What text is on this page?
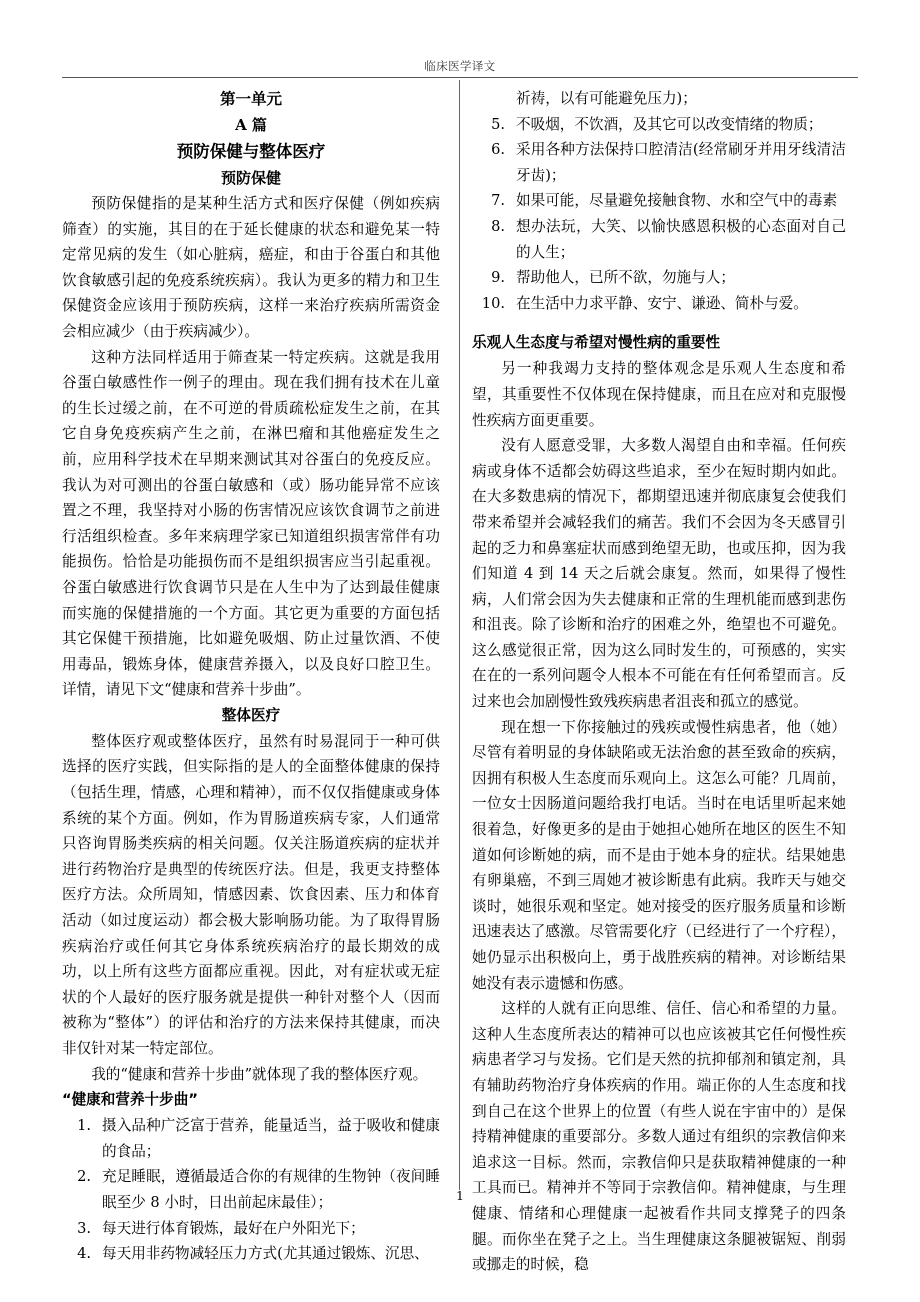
临床医学译文
第一单元
A 篇
预防保健与整体医疗
预防保健

预防保健指的是某种生活方式和医疗保健（例如疾病筛查）的实施，其目的在于延长健康的状态和避免某一特定常见病的发生（如心脏病，癌症，和由于谷蛋白和其他饮食敏感引起的免疫系统疾病）。我认为更多的精力和卫生保健资金应该用于预防疾病，这样一来治疗疾病所需资金会相应减少（由于疾病减少）。

这种方法同样适用于筛查某一特定疾病。这就是我用谷蛋白敏感性作一例子的理由。现在我们拥有技术在儿童的生长过缓之前，在不可逆的骨质疏松症发生之前，在其它自身免疫疾病产生之前，在淋巴瘤和其他癌症发生之前，应用科学技术在早期来测试其对谷蛋白的免疫反应。我认为对可测出的谷蛋白敏感和（或）肠功能异常不应该置之不理，我坚持对小肠的伤害情况应该饮食调节之前进行活组织检查。多年来病理学家已知道组织损害常伴有功能损伤。恰恰是功能损伤而不是组织损害应当引起重视。谷蛋白敏感进行饮食调节只是在人生中为了达到最佳健康而实施的保健措施的一个方面。其它更为重要的方面包括其它保健干预措施，比如避免吸烟、防止过量饮酒、不使用毒品，锻炼身体，健康营养摄入，以及良好口腔卫生。详情，请见下文“健康和营养十步曲”。

整体医疗

整体医疗观或整体医疗，虽然有时易混同于一种可供选择的医疗实践，但实际指的是人的全面整体健康的保持（包括生理，情感，心理和精神），而不仅仅指健康或身体系统的某个方面。例如，作为胃肠道疾病专家，人们通常只咨询胃肠类疾病的相关问题。仅关注肠道疾病的症状并进行药物治疗是典型的传统医疗法。但是，我更支持整体医疗方法。众所周知，情感因素、饮食因素、压力和体育活动（如过度运动）都会极大影响肠功能。为了取得胃肠疾病治疗或任何其它身体系统疾病治疗的最长期效的成功，以上所有这些方面都应重视。因此，对有症状或无症状的个人最好的医疗服务就是提供一种针对整个人（因而被称为“整体”）的评估和治疗的方法来保持其健康，而决非仅针对某一特定部位。

我的“健康和营养十步曲”就体现了我的整体医疗观。

“健康和营养十步曲”
1. 摄入品种广泛富于营养，能量适当，益于吸收和健康的食品；
2. 充足睡眠，遵循最适合你的有规律的生物钟（夜间睡眠至少 8 小时，日出前起床最佳）；
3. 每天进行体育锻炼，最好在户外阳光下；
4. 每天用非药物减轻压力方式(尤其通过锻炼、沉思、
祈祷，以有可能避免压力)；
5. 不吸烟，不饮酒，及其它可以改变情绪的物质；
6. 采用各种方法保持口腔清洁(经常刷牙并用牙线清洁牙齿)；
7. 如果可能，尽量避免接触食物、水和空气中的毒素
8. 想办法玩，大笑、以愉快感恩积极的心态面对自己的人生；
9. 帮助他人，已所不欲，勿施与人；
10. 在生活中力求平静、安宁、谦逊、简朴与爱。
乐观人生态度与希望对慢性病的重要性

另一种我竭力支持的整体观念是乐观人生态度和希望，其重要性不仅体现在保持健康，而且在应对和克服慢性疾病方面更重要。

没有人愿意受罪，大多数人渴望自由和幸福。任何疾病或身体不适都会妨碍这些追求，至少在短时期内如此。在大多数患病的情况下，都期望迅速并彻底康复会使我们带来希望并会减轻我们的痛苦。我们不会因为冬天感冒引起的乏力和鼻塞症状而感到绝望无助，也或压抑，因为我们知道 4 到 14 天之后就会康复。然而，如果得了慢性病，人们常会因为失去健康和正常的生理机能而感到悲伤和沮丧。除了诊断和治疗的困难之外，绝望也不可避免。这么感觉很正常，因为这么同时发生的，可预感的，实实在在的一系列问题令人根本不可能在有任何希望而言。反过来也会加剧慢性致残疾病患者沮丧和孤立的感觉。

现在想一下你接触过的残疾或慢性病患者，他（她）尽管有着明显的身体缺陷或无法治愈的甚至致命的疾病，因拥有积极人生态度而乐观向上。这怎么可能？几周前，一位女士因肠道问题给我打电话。当时在电话里听起来她很着急，好像更多的是由于她担心她所在地区的医生不知道如何诊断她的病，而不是由于她本身的症状。结果她患有卵巢癌，不到三周她才被诊断患有此病。我昨天与她交谈时，她很乐观和坚定。她对接受的医疗服务质量和诊断迅速表达了感激。尽管需要化疗（已经进行了一个疗程），她仍显示出积极向上，勇于战胜疾病的精神。对诊断结果她没有表示遗憾和伤感。

这样的人就有正向思维、信任、信心和希望的力量。这种人生态度所表达的精神可以也应该被其它任何慢性疾病患者学习与发扬。它们是天然的抗抑郁剂和镇定剂，具有辅助药物治疗身体疾病的作用。端正你的人生态度和找到自己在这个世界上的位置（有些人说在宇宙中的）是保持精神健康的重要部分。多数人通过有组织的宗教信仰来追求这一目标。然而，宗教信仰只是获取精神健康的一种工具而已。精神并不等同于宗教信仰。精神健康，与生理健康、情绪和心理健康一起被看作共同支撑凳子的四条腿。而你坐在凳子之上。当生理健康这条腿被锯短、削弱或挪走的时候，稳

1
